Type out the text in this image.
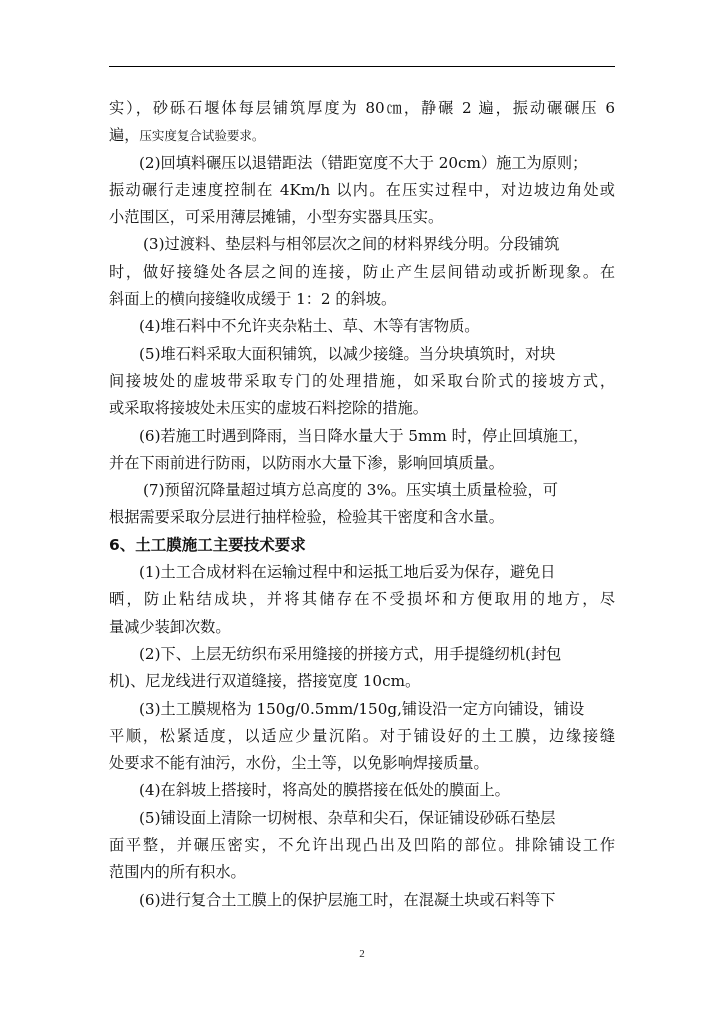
实），砂砾石堰体每层铺筑厚度为 80㎝，静碾 2 遍，振动碾碾压 6
遍，压实度复合试验要求。
(2)回填料碾压以退错距法（错距宽度不大于 20cm）施工为原则；
振动碾行走速度控制在 4Km/h 以内。在压实过程中，对边坡边角处或
小范围区，可采用薄层摊铺，小型夯实器具压实。
(3)过渡料、垫层料与相邻层次之间的材料界线分明。分段铺筑
时，做好接缝处各层之间的连接，防止产生层间错动或折断现象。在
斜面上的横向接缝收成缓于 1：2 的斜坡。
(4)堆石料中不允许夹杂粘土、草、木等有害物质。
(5)堆石料采取大面积铺筑，以减少接缝。当分块填筑时，对块
间接坡处的虚坡带采取专门的处理措施，如采取台阶式的接坡方式，
或采取将接坡处未压实的虚坡石料挖除的措施。
(6)若施工时遇到降雨，当日降水量大于 5mm 时，停止回填施工，
并在下雨前进行防雨，以防雨水大量下渗，影响回填质量。
(7)预留沉降量超过填方总高度的 3%。压实填土质量检验，可
根据需要采取分层进行抽样检验，检验其干密度和含水量。
6、土工膜施工主要技术要求
(1)土工合成材料在运输过程中和运抵工地后妥为保存，避免日
晒，防止粘结成块，并将其储存在不受损坏和方便取用的地方，尽
量减少装卸次数。
(2)下、上层无纺织布采用缝接的拼接方式，用手提缝纫机(封包
机)、尼龙线进行双道缝接，搭接宽度 10cm。
(3)土工膜规格为 150g/0.5mm/150g,铺设沿一定方向铺设，铺设
平顺，松紧适度，以适应少量沉陷。对于铺设好的土工膜，边缘接缝
处要求不能有油污，水份，尘土等，以免影响焊接质量。
(4)在斜坡上搭接时，将高处的膜搭接在低处的膜面上。
(5)铺设面上清除一切树根、杂草和尖石，保证铺设砂砾石垫层
面平整，并碾压密实，不允许出现凸出及凹陷的部位。排除铺设工作
范围内的所有积水。
(6)进行复合土工膜上的保护层施工时，在混凝土块或石料等下
2
